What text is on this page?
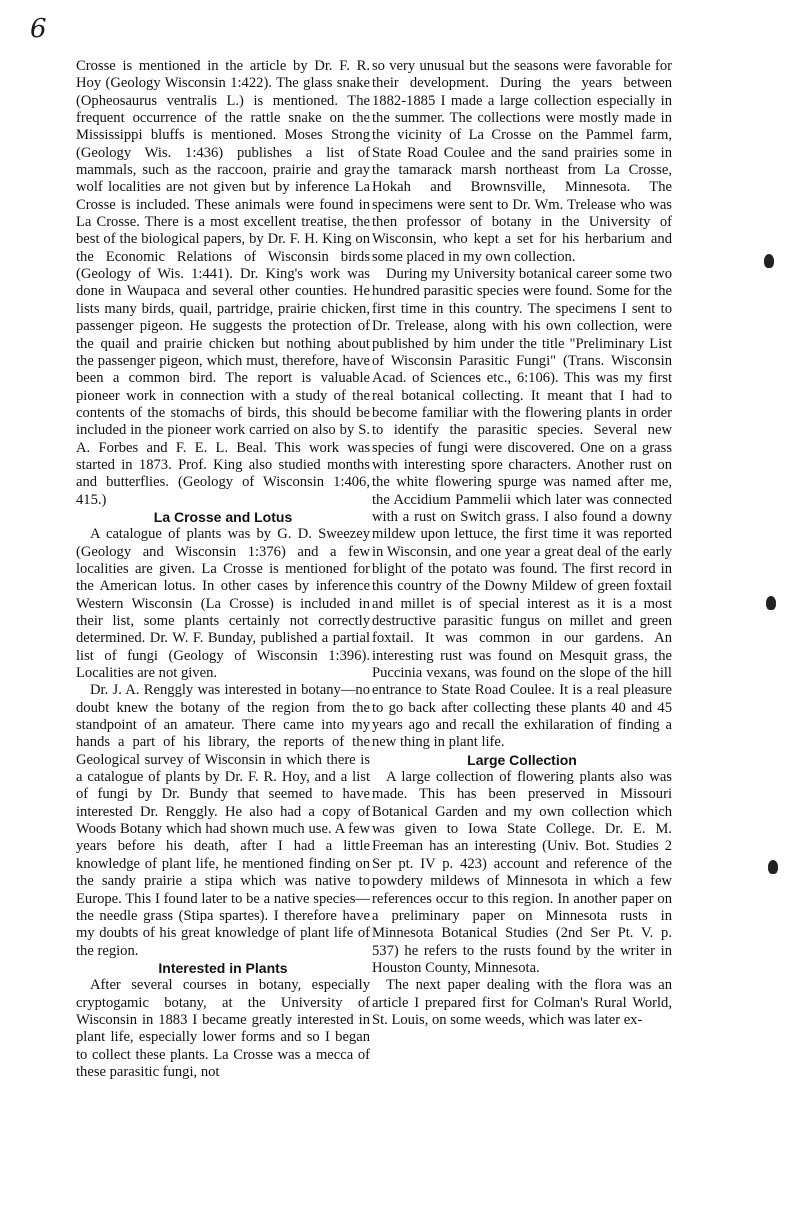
6

Crosse is mentioned in the article by Dr. F. R. Hoy (Geology Wisconsin 1:422). The glass snake (Opheosaurus ventralis L.) is mentioned. The frequent occurrence of the rattle snake on the Mississippi bluffs is mentioned. Moses Strong (Geology Wis. 1:436) publishes a list of mammals, such as the raccoon, prairie and gray wolf localities are not given but by inference La Crosse is included. These animals were found in La Crosse. There is a most excellent treatise, the best of the biological papers, by Dr. F. H. King on the Economic Relations of Wisconsin birds (Geology of Wis. 1:441). Dr. King's work was done in Waupaca and several other counties. He lists many birds, quail, partridge, prairie chicken, passenger pigeon. He suggests the protection of the quail and prairie chicken but nothing about the passenger pigeon, which must, therefore, have been a common bird. The report is valuable pioneer work in connection with a study of the contents of the stomachs of birds, this should be included in the pioneer work carried on also by S. A. Forbes and F. E. L. Beal. This work was started in 1873. Prof. King also studied months and butterflies. (Geology of Wisconsin 1:406, 415.)

La Crosse and Lotus

A catalogue of plants was by G. D. Sweezey (Geology and Wisconsin 1:376) and a few localities are given. La Crosse is mentioned for the American lotus. In other cases by inference Western Wisconsin (La Crosse) is included in their list, some plants certainly not correctly determined. Dr. W. F. Bunday, published a partial list of fungi (Geology of Wisconsin 1:396). Localities are not given.

Dr. J. A. Renggly was interested in botany—no doubt knew the botany of the region from the standpoint of an amateur. There came into my hands a part of his library, the reports of the Geological survey of Wisconsin in which there is a catalogue of plants by Dr. F. R. Hoy, and a list of fungi by Dr. Bundy that seemed to have interested Dr. Renggly. He also had a copy of Woods Botany which had shown much use. A few years before his death, after I had a little knowledge of plant life, he mentioned finding on the sandy prairie a stipa which was native to Europe. This I found later to be a native species—the needle grass (Stipa spartes). I therefore have my doubts of his great knowledge of plant life of the region.

Interested in Plants

After several courses in botany, especially cryptogamic botany, at the University of Wisconsin in 1883 I became greatly interested in plant life, especially lower forms and so I began to collect these plants. La Crosse was a mecca of these parasitic fungi, not

so very unusual but the seasons were favorable for their development. During the years between 1882-1885 I made a large collection especially in the summer. The collections were mostly made in the vicinity of La Crosse on the Pammel farm, State Road Coulee and the sand prairies some in the tamarack marsh northeast from La Crosse, Hokah and Brownsville, Minnesota. The specimens were sent to Dr. Wm. Trelease who was then professor of botany in the University of Wisconsin, who kept a set for his herbarium and some placed in my own collection.

During my University botanical career some two hundred parasitic species were found. Some for the first time in this country. The specimens I sent to Dr. Trelease, along with his own collection, were published by him under the title "Preliminary List of Wisconsin Parasitic Fungi" (Trans. Wisconsin Acad. of Sciences etc., 6:106). This was my first real botanical collecting. It meant that I had to become familiar with the flowering plants in order to identify the parasitic species. Several new species of fungi were discovered. One on a grass with interesting spore characters. Another rust on the white flowering spurge was named after me, the Accidium Pammelii which later was connected with a rust on Switch grass. I also found a downy mildew upon lettuce, the first time it was reported in Wisconsin, and one year a great deal of the early blight of the potato was found. The first record in this country of the Downy Mildew of green foxtail and millet is of special interest as it is a most destructive parasitic fungus on millet and green foxtail. It was common in our gardens. An interesting rust was found on Mesquit grass, the Puccinia vexans, was found on the slope of the hill entrance to State Road Coulee. It is a real pleasure to go back after collecting these plants 40 and 45 years ago and recall the exhilaration of finding a new thing in plant life.

Large Collection

A large collection of flowering plants also was made. This has been preserved in Missouri Botanical Garden and my own collection which was given to Iowa State College. Dr. E. M. Freeman has an interesting (Univ. Bot. Studies 2 Ser pt. IV p. 423) account and reference of the powdery mildews of Minnesota in which a few references occur to this region. In another paper on a preliminary paper on Minnesota rusts in Minnesota Botanical Studies (2nd Ser Pt. V. p. 537) he refers to the rusts found by the writer in Houston County, Minnesota.

The next paper dealing with the flora was an article I prepared first for Colman's Rural World, St. Louis, on some weeds, which was later ex-
